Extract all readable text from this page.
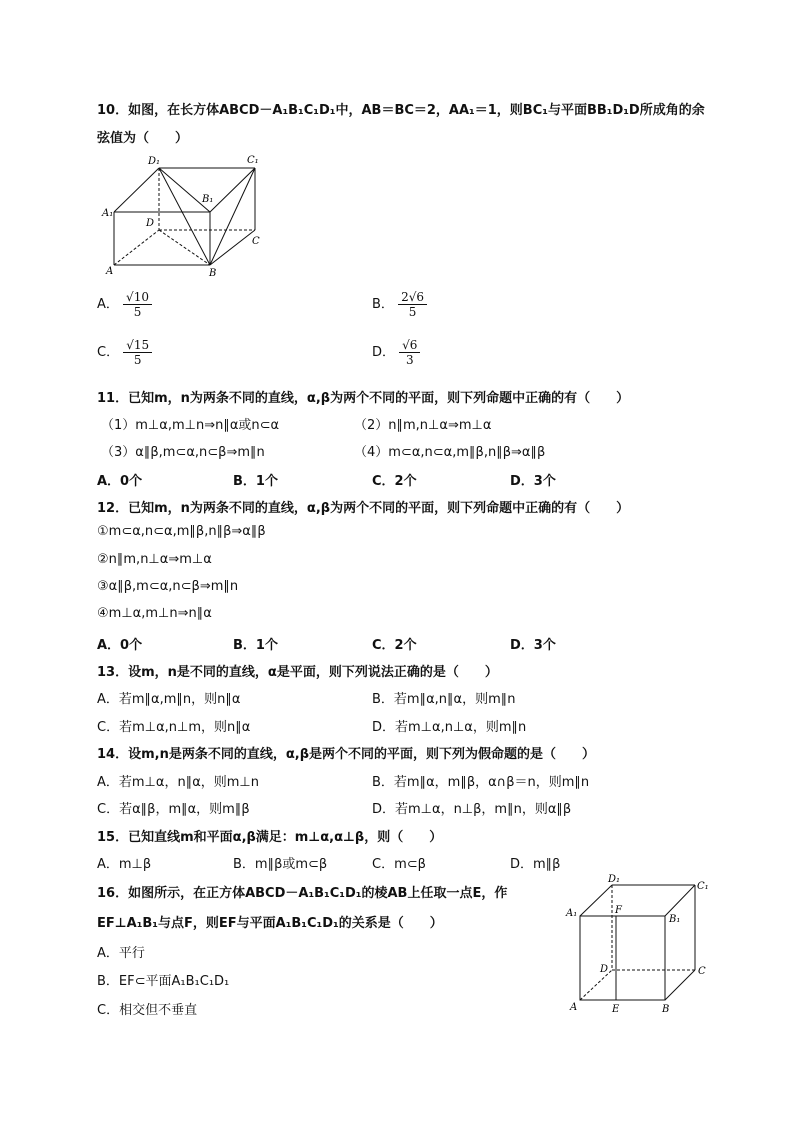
10．如图，在长方体ABCD－A₁B₁C₁D₁中，AB＝BC＝2，AA₁＝1，则BC₁与平面BB₁D₁D所成角的余
弦值为（　　）
D₁	C₁
B₁
A₁
D
C
A	B
A． $\frac{√10}{5}$	B． $\frac{2√6}{5}$
C． $\frac{√15}{5}$	D． $\frac{√6}{3}$
11．已知m，n为两条不同的直线，α,β为两个不同的平面，则下列命题中正确的有（　　）
（1）m⊥α,m⊥n⇒n∥α或n⊂α	（2）n∥m,n⊥α⇒m⊥α
（3）α∥β,m⊂α,n⊂β⇒m∥n	（4）m⊂α,n⊂α,m∥β,n∥β⇒α∥β
A．0个	B．1个	C．2个	D．3个
12．已知m，n为两条不同的直线，α,β为两个不同的平面，则下列命题中正确的有（　　）
①m⊂α,n⊂α,m∥β,n∥β⇒α∥β
②n∥m,n⊥α⇒m⊥α
③α∥β,m⊂α,n⊂β⇒m∥n
④m⊥α,m⊥n⇒n∥α
A．0个	B．1个	C．2个	D．3个
13．设m，n是不同的直线，α是平面，则下列说法正确的是（　　）
A．若m∥α,m∥n，则n∥α	B．若m∥α,n∥α，则m∥n
C．若m⊥α,n⊥m，则n∥α	D．若m⊥α,n⊥α，则m∥n
14．设m,n是两条不同的直线，α,β是两个不同的平面，则下列为假命题的是（　　）
A．若m⊥α，n∥α，则m⊥n	B．若m∥α，m∥β，α∩β＝n，则m∥n
C．若α∥β，m∥α，则m∥β	D．若m⊥α，n⊥β，m∥n，则α∥β
15．已知直线m和平面α,β满足：m⊥α,α⊥β，则（　　）
A．m⊥β	B．m∥β或m⊂β	C．m⊂β	D．m∥β
16．如图所示，在正方体ABCD－A₁B₁C₁D₁的棱AB上任取一点E，作
EF⊥A₁B₁与点F，则EF与平面A₁B₁C₁D₁的关系是（　　）
A．平行
B．EF⊂平面A₁B₁C₁D₁
C．相交但不垂直
D₁
C₁
A₁
B₁
F
D	C
A	B
E
